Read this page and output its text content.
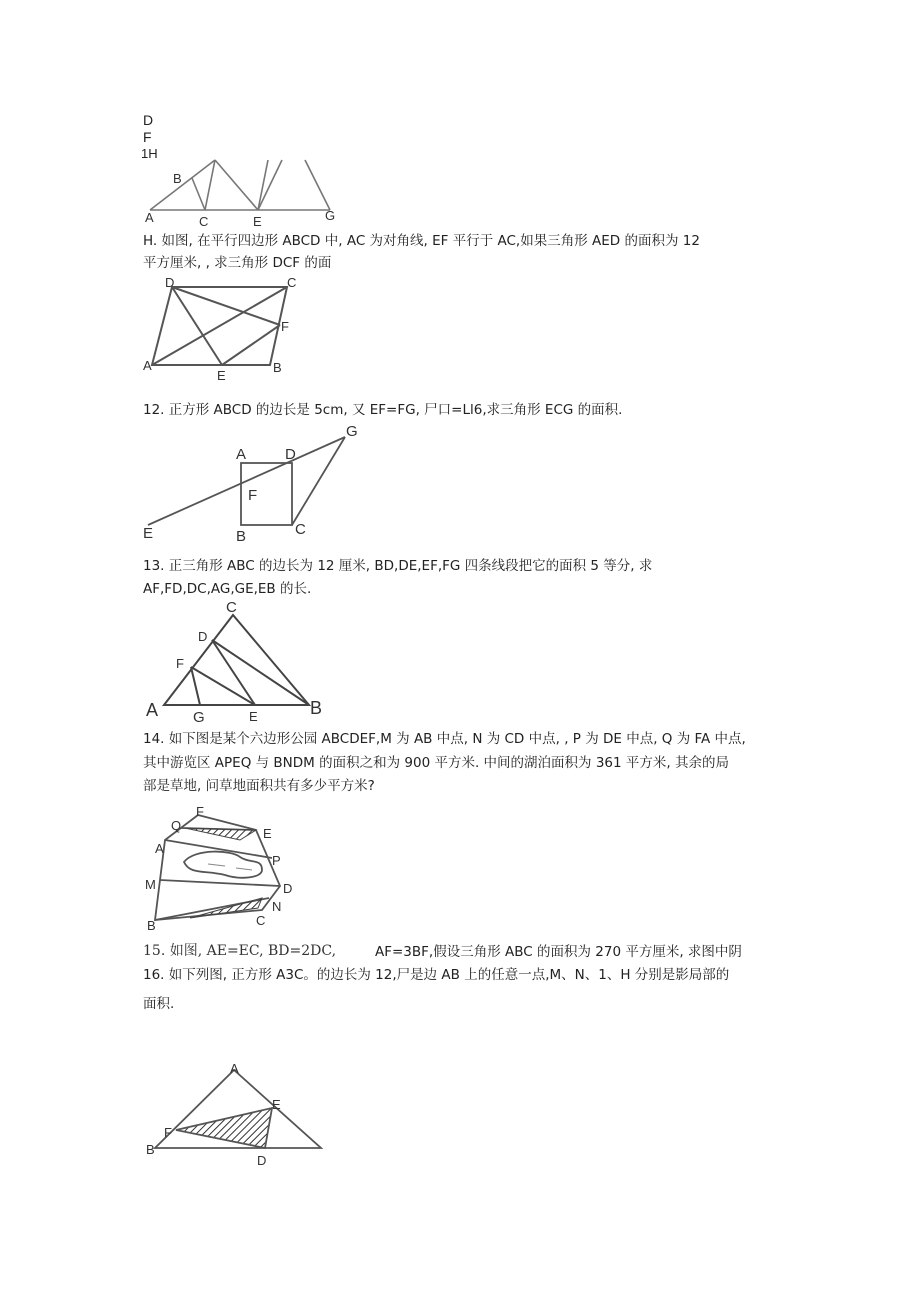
D
F
1H
B
A	C	E	G
H. 如图, 在平行四边形 ABCD 中, AC 为对角线, EF 平行于 AC,如果三角形 AED 的面积为 12
平方厘米, , 求三角形 DCF 的面
D	C
F
A
E
B
12. 正方形 ABCD 的边长是 5cm, 又 EF=FG, 尸口=Ll6,求三角形 ECG 的面积.
A	D
G
F
E	B	C
13. 正三角形 ABC 的边长为 12 厘米, BD,DE,EF,FG 四条线段把它的面积 5 等分, 求
AF,FD,DC,AG,GE,EB 的长.
C
D
F
A G	E	B
14. 如下图是某个六边形公园 ABCDEF,M 为 AB 中点, N 为 CD 中点, , P 为 DE 中点, Q 为 FA 中点,
其中游览区 APEQ 与 BNDM 的面积之和为 900 平方米. 中间的湖泊面积为 361 平方米, 其余的局
部是草地, 问草地面积共有多少平方米?
F
Q
E
A
P
M	D
N
B	C
15. 如图, AE=EC, BD=2DC,	AF=3BF,假设三角形 ABC 的面积为 270 平方厘米, 求图中阴
16. 如下列图, 正方形 A3C。的边长为 12,尸是边 AB 上的任意一点,M、N、1、H 分别是影局部的
面积.
A
E
F
B
D
